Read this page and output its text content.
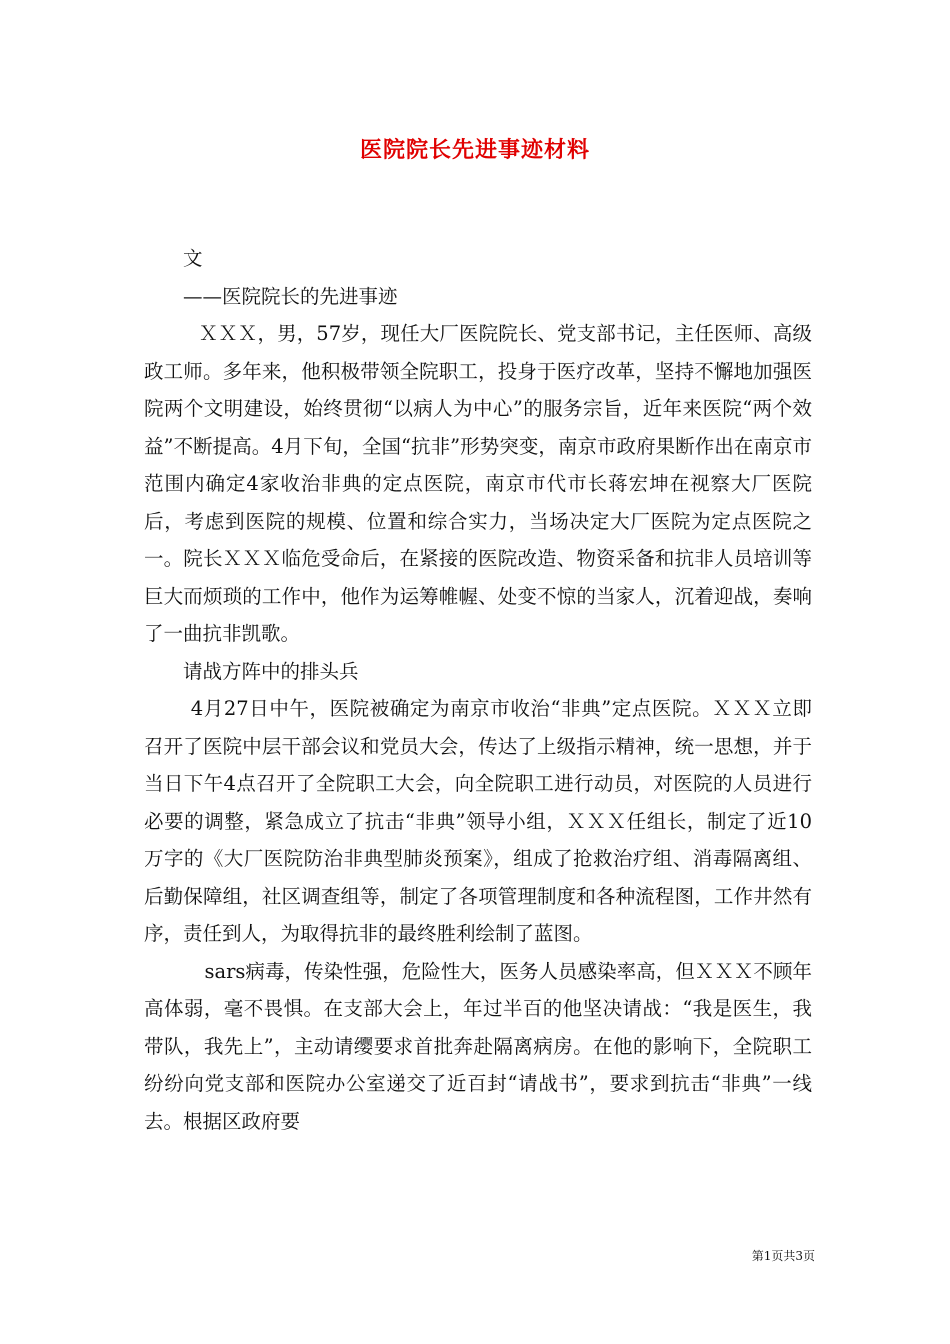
医院院长先进事迹材料

文

——医院院长的先进事迹

ＸＸＸ，男，57岁，现任大厂医院院长、党支部书记，主任医师、高级政工师。多年来，他积极带领全院职工，投身于医疗改革，坚持不懈地加强医院两个文明建设，始终贯彻“以病人为中心”的服务宗旨，近年来医院“两个效益”不断提高。4月下旬，全国“抗非”形势突变，南京市政府果断作出在南京市范围内确定4家收治非典的定点医院，南京市代市长蒋宏坤在视察大厂医院后，考虑到医院的规模、位置和综合实力，当场决定大厂医院为定点医院之一。院长ＸＸＸ临危受命后，在紧接的医院改造、物资采备和抗非人员培训等巨大而烦琐的工作中，他作为运筹帷幄、处变不惊的当家人，沉着迎战，奏响了一曲抗非凯歌。

请战方阵中的排头兵

4月27日中午，医院被确定为南京市收治“非典”定点医院。ＸＸＸ立即召开了医院中层干部会议和党员大会，传达了上级指示精神，统一思想，并于当日下午4点召开了全院职工大会，向全院职工进行动员，对医院的人员进行必要的调整，紧急成立了抗击“非典”领导小组，ＸＸＸ任组长，制定了近10万字的《大厂医院防治非典型肺炎预案》，组成了抢救治疗组、消毒隔离组、后勤保障组，社区调查组等，制定了各项管理制度和各种流程图，工作井然有序，责任到人，为取得抗非的最终胜利绘制了蓝图。

sars病毒，传染性强，危险性大，医务人员感染率高，但ＸＸＸ不顾年高体弱，毫不畏惧。在支部大会上，年过半百的他坚决请战：“我是医生，我带队，我先上”，主动请缨要求首批奔赴隔离病房。在他的影响下，全院职工纷纷向党支部和医院办公室递交了近百封“请战书”，要求到抗击“非典”一线去。根据区政府要

第1页共3页
